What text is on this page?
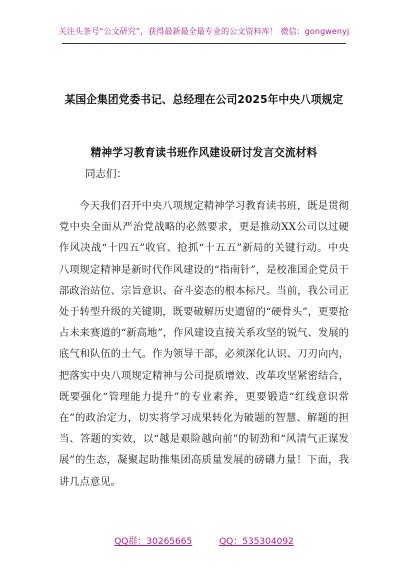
关注头条号“公文研究”，获得最新最全最专业的公文资料库！ 微信：gongwenyj
某国企集团党委书记、总经理在公司2025年中央八项规定
精神学习教育读书班作风建设研讨发言交流材料
同志们：
今天我们召开中央八项规定精神学习教育读书班，既是贯彻党中央全面从严治党战略的必然要求，更是推动XX公司以过硬作风决战“十四五”收官、抢抓“十五五”新局的关键行动。中央八项规定精神是新时代作风建设的“指南针”，是校准国企党员干部政治站位、宗旨意识、奋斗姿态的根本标尺。当前，我公司正处于转型升级的关键期，既要破解历史遗留的“硬骨头”，更要抢占未来赛道的“新高地”，作风建设直接关系攻坚的锐气、发展的底气和队伍的士气。作为领导干部，必须深化认识、刀刃向内，把落实中央八项规定精神与公司提质增效、改革攻坚紧密结合，既要强化“管理能力提升”的专业素养，更要锻造“红线意识常在”的政治定力，切实将学习成果转化为破题的智慧、解题的担当、答题的实效，以“越是艰险越向前”的韧劲和“风清气正谋发展”的生态，凝聚起助推集团高质量发展的磅礴力量！下面，我讲几点意见。
QQ群：30265665	QQ：535304092
